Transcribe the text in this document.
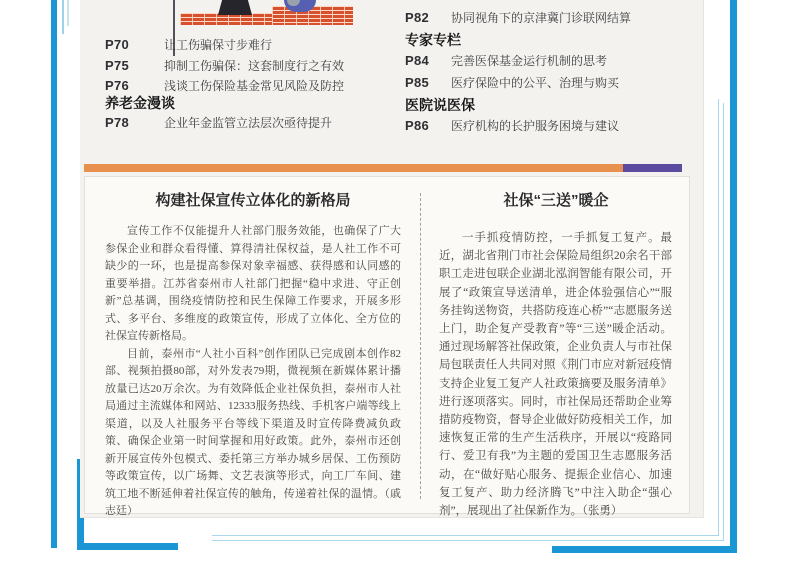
P70	让工伤骗保寸步难行
P75	抑制工伤骗保：这套制度行之有效
P76	浅谈工伤保险基金常见风险及防控
养老金漫谈
P78	企业年金监管立法层次亟待提升
P82	协同视角下的京津冀门诊联网结算
专家专栏
P84	完善医保基金运行机制的思考
P85	医疗保险中的公平、治理与购买
医院说医保
P86	医疗机构的长护服务困境与建议
构建社保宣传立体化的新格局

宣传工作不仅能提升人社部门服务效能，也确保了广大参保企业和群众看得懂、算得清社保权益，是人社工作不可缺少的一环，也是提高参保对象幸福感、获得感和认同感的重要举措。江苏省泰州市人社部门把握“稳中求进、守正创新”总基调，围绕疫情防控和民生保障工作要求，开展多形式、多平台、多维度的政策宣传，形成了立体化、全方位的社保宣传新格局。

目前，泰州市“人社小百科”创作团队已完成剧本创作82部、视频拍摄80部，对外发表79期，微视频在新媒体累计播放量已达20万余次。为有效降低企业社保负担，泰州市人社局通过主流媒体和网站、12333服务热线、手机客户端等线上渠道，以及人社服务平台等线下渠道及时宣传降费减负政策、确保企业第一时间掌握和用好政策。此外，泰州市还创新开展宣传外包模式、委托第三方举办城乡居保、工伤预防等政策宣传，以广场舞、文艺表演等形式，向工厂车间、建筑工地不断延伸着社保宣传的触角，传递着社保的温情。（戚志廷）

社保“三送”暖企

一手抓疫情防控，一手抓复工复产。最近，湖北省荆门市社会保险局组织20余名干部职工走进包联企业湖北泓润智能有限公司，开展了“政策宣导送清单，进企体验强信心”“服务挂钩送物资，共搭防疫连心桥”“志愿服务送上门，助企复产受教育”等“三送”暖企活动。通过现场解答社保政策，企业负责人与市社保局包联责任人共同对照《荆门市应对新冠疫情支持企业复工复产人社政策摘要及服务清单》进行逐项落实。同时，市社保局还帮助企业筹措防疫物资，督导企业做好防疫相关工作，加速恢复正常的生产生活秩序，开展以“疫路同行、爱卫有我”为主题的爱国卫生志愿服务活动，在“做好贴心服务、提振企业信心、加速复工复产、助力经济腾飞”中注入助企“强心剂”，展现出了社保新作为。（张勇）
